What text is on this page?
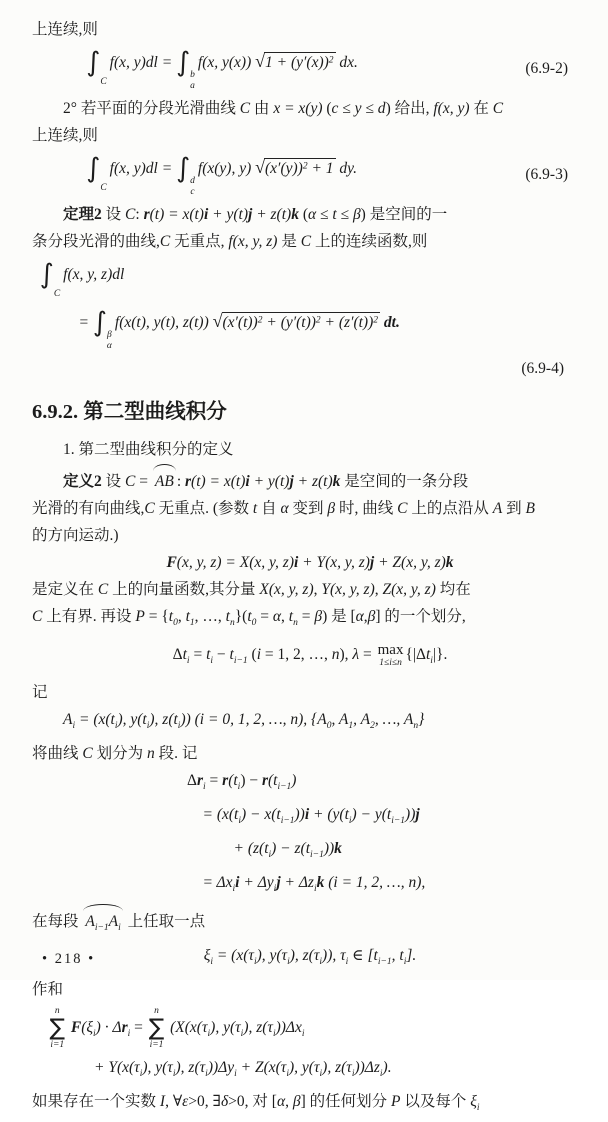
上连续,则
∫
C
f(x, y)dl = ∫ b
a
f(x, y(x)) $√1 + (y'(x))^2$ dx.	(6.9-2)
2° 若平面的分段光滑曲线 C 由 x = x(y) (c ≤ y ≤ d) 给出, f(x, y) 在 C
上连续,则
∫
C
f(x, y)dl = ∫ d
c
f(x(y), y) $√(x'(y))^2 + 1$ dy.	(6.9-3)
定理2 设 C: r(t) = x(t)i + y(t)j + z(t)k (α ≤ t ≤ β) 是空间的一
条分段光滑的曲线,C 无重点, f(x, y, z) 是 C 上的连续函数,则
∫
C
f(x, y, z)dl
= ∫ β
α
f(x(t), y(t), z(t)) $√(x'(t))^2 + (y'(t))^2 + (z'(t))^2$ dt.
(6.9-4)
6.9.2. 第二型曲线积分
1. 第二型曲线积分的定义
定义2 设 C = AB : r(t) = x(t)i + y(t)j + z(t)k 是空间的一条分段
光滑的有向曲线,C 无重点. (参数 t 自 α 变到 β 时, 曲线 C 上的点沿从 A 到 B
的方向运动.)
F(x, y, z) = X(x, y, z)i + Y(x, y, z)j + Z(x, y, z)k
是定义在 C 上的向量函数,其分量 X(x, y, z), Y(x, y, z), Z(x, y, z) 均在
C 上有界. 再设 $P = \{t_0$, $t_1$, …, $t_n\}(t_0 = \alpha$, $t_n = \beta$) 是 [α,β] 的一个划分,
$\Delta t_i = t_i - t_{i-1}$ (i = 1, 2, …, n), λ = max
1≤i≤n $\{|\Delta t_i|\}$.
记
$A_i = (x(t_i)$, $y(t_i)$, $z(t_i)$) (i = 0, 1, 2, …, n), {$A_0$, $A_1$, $A_2$, …, $A_n$}
将曲线 C 划分为 n 段. 记
$\Delta r_i = r(t_i) - r(t_{i-1})$
= $(x(t_i) - x(t_{i-1}))i + (y(t_i) - y(t_{i-1}))j$
+ $(z(t_i) - z(t_{i-1}))k$
= $\Delta x_ii + \Delta y_ij + \Delta z_ik$ (i = 1, 2, …, n),
在每段 $A_{i-1}A_i$ 上任取一点
$\xi_i = (x(\tau_i)$, $y(\tau_i)$, $z(\tau_i)$), $\tau_i$ ∈ [$t_{i-1}$, $t_i$].
作和
n
∑
i=1
$F(\xi_i) \cdot \Delta r_i$ =
n
∑
i=1
($X(x(\tau_i)$, $y(\tau_i)$, $z(\tau_i))\Delta x_i$
+ $Y(x(\tau_i)$, $y(\tau_i)$, $z(\tau_i))\Delta y_i + Z(x(\tau_i)$, $y(\tau_i)$, $z(\tau_i))\Delta z_i$).
如果存在一个实数 I, ∀ε>0, ∃δ>0, 对 [α, β] 的任何划分 P 以及每个 $\xi_i$
• 218 •
